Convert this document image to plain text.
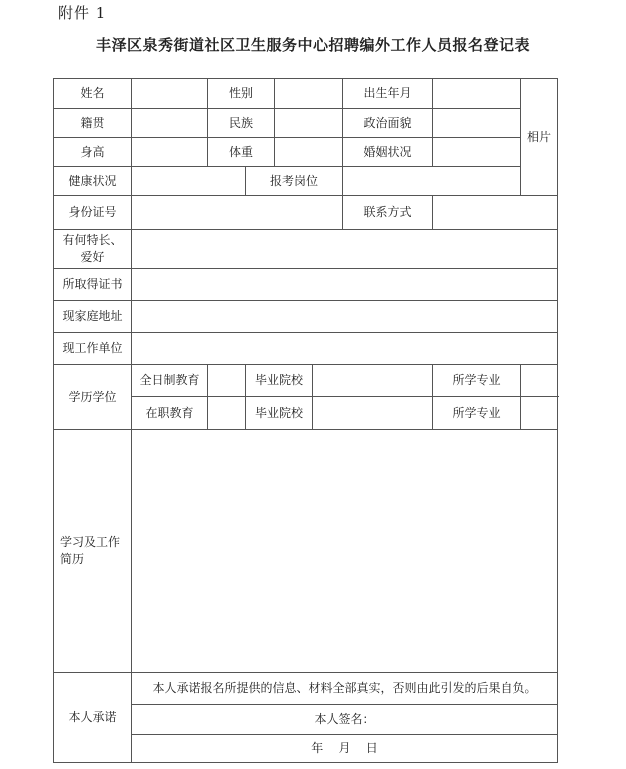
附件 1
丰泽区泉秀街道社区卫生服务中心招聘编外工作人员报名登记表
姓名		性别				出生年月		相片
籍贯		民族				政治面貌		
身高		体重				婚姻状况		
健康状况			报考岗位					
身份证号						联系方式		
有何特长、
爱好								
所取得证书								
现家庭地址								
现工作单位								
学历学位	全日制教育		毕业院校				所学专业	
	在职教育		毕业院校				所学专业	
学习及工作
简历								
本人承诺	本人承诺报名所提供的信息、材料全部真实，否则由此引发的后果自负。							
	本人签名：							
	年    月    日							
